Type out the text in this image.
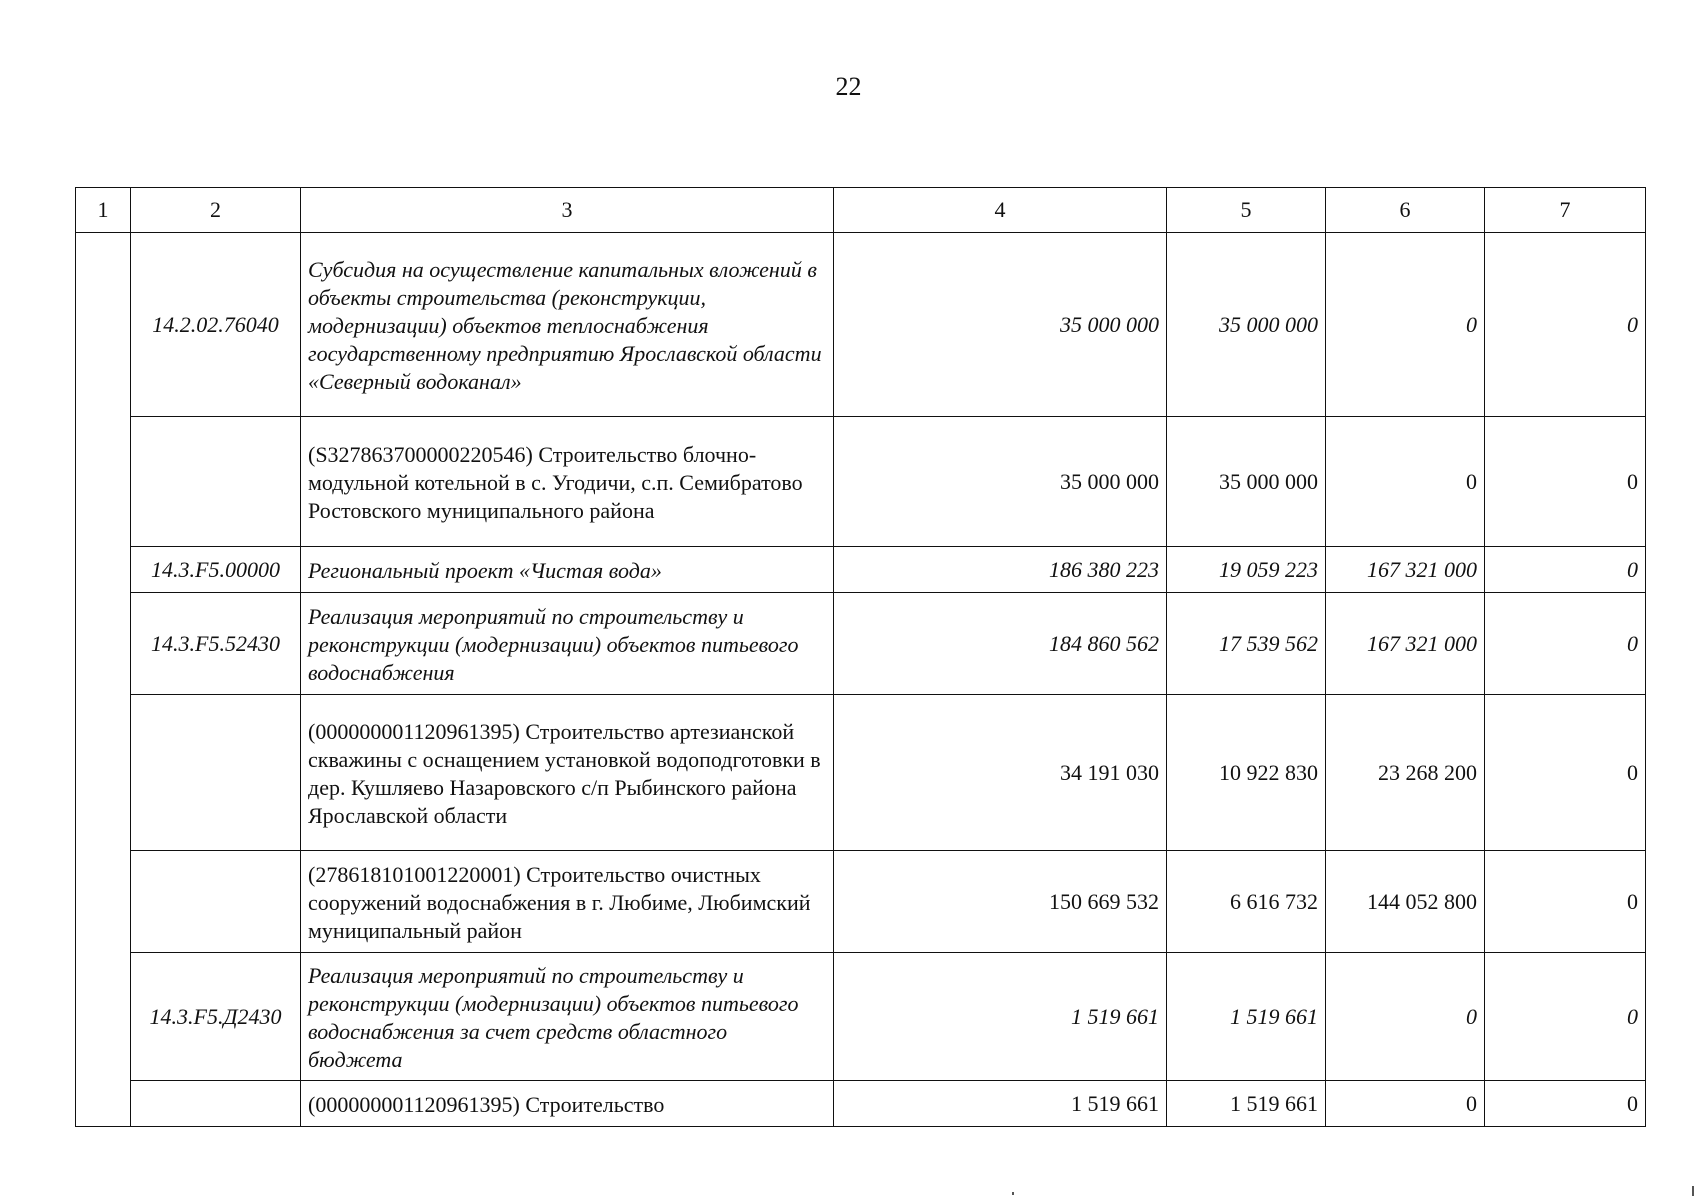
22
1	2	3	4	5	6	7
	14.2.02.76040	Субсидия на осуществление капитальных вложений в объекты строительства (реконструкции, модернизации) объектов теплоснабжения государственному предприятию Ярославской области «Северный водоканал»	35 000 000	35 000 000	0	0
		(S327863700000220546) Строительство блочно-модульной котельной в с. Угодичи, с.п. Семибратово Ростовского муниципального района	35 000 000	35 000 000	0	0
	14.3.F5.00000	Региональный проект «Чистая вода»	186 380 223	19 059 223	167 321 000	0
	14.3.F5.52430	Реализация мероприятий по строительству и реконструкции (модернизации) объектов питьевого водоснабжения	184 860 562	17 539 562	167 321 000	0
		(000000001120961395) Строительство артезианской скважины с оснащением установкой водоподготовки в дер. Кушляево Назаровского с/п Рыбинского района Ярославской области	34 191 030	10 922 830	23 268 200	0
		(278618101001220001) Строительство очистных сооружений водоснабжения в г. Любиме, Любимский муниципальный район	150 669 532	6 616 732	144 052 800	0
	14.3.F5.Д2430	Реализация мероприятий по строительству и реконструкции (модернизации) объектов питьевого водоснабжения за счет средств областного бюджета	1 519 661	1 519 661	0	0
		(000000001120961395) Строительство	1 519 661	1 519 661	0	0
